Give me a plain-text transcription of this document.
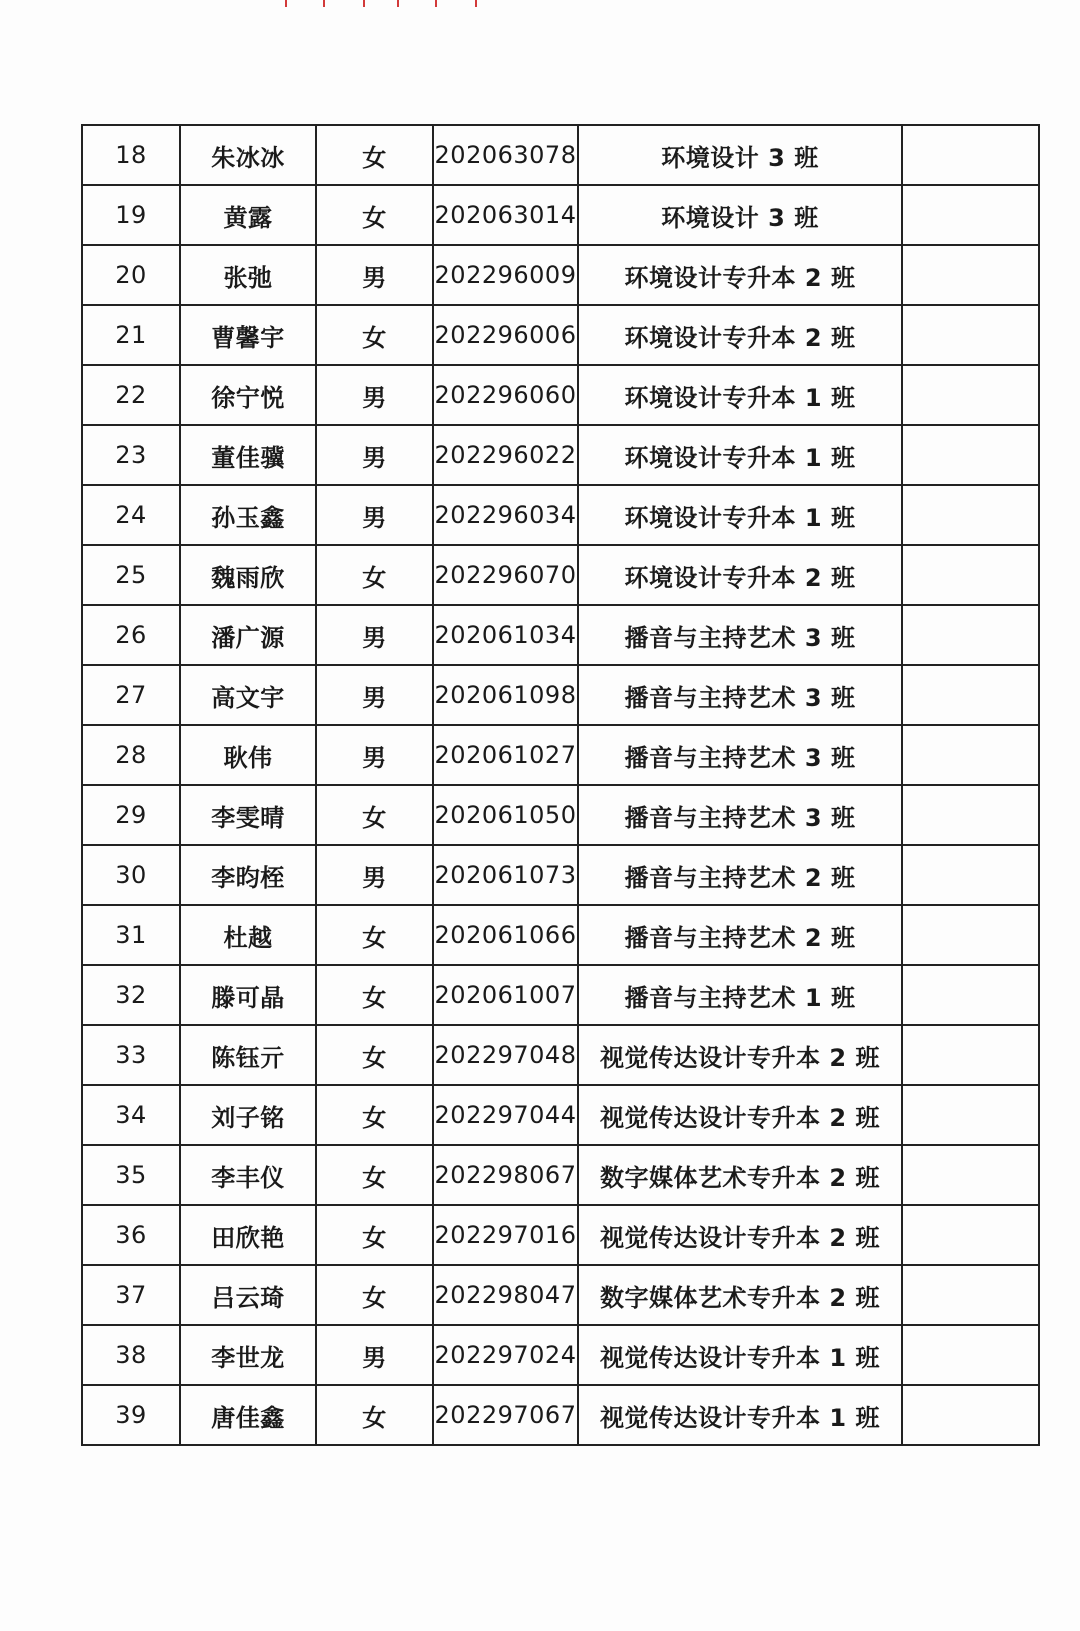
18	朱冰冰	女	202063078	环境设计 3 班	
19	黄露	女	202063014	环境设计 3 班	
20	张弛	男	202296009	环境设计专升本 2 班	
21	曹馨宇	女	202296006	环境设计专升本 2 班	
22	徐宁悦	男	202296060	环境设计专升本 1 班	
23	董佳骥	男	202296022	环境设计专升本 1 班	
24	孙玉鑫	男	202296034	环境设计专升本 1 班	
25	魏雨欣	女	202296070	环境设计专升本 2 班	
26	潘广源	男	202061034	播音与主持艺术 3 班	
27	高文宇	男	202061098	播音与主持艺术 3 班	
28	耿伟	男	202061027	播音与主持艺术 3 班	
29	李雯晴	女	202061050	播音与主持艺术 3 班	
30	李昀桎	男	202061073	播音与主持艺术 2 班	
31	杜越	女	202061066	播音与主持艺术 2 班	
32	滕可晶	女	202061007	播音与主持艺术 1 班	
33	陈钰亓	女	202297048	视觉传达设计专升本 2 班	
34	刘子铭	女	202297044	视觉传达设计专升本 2 班	
35	李丰仪	女	202298067	数字媒体艺术专升本 2 班	
36	田欣艳	女	202297016	视觉传达设计专升本 2 班	
37	吕云琦	女	202298047	数字媒体艺术专升本 2 班	
38	李世龙	男	202297024	视觉传达设计专升本 1 班	
39	唐佳鑫	女	202297067	视觉传达设计专升本 1 班	
